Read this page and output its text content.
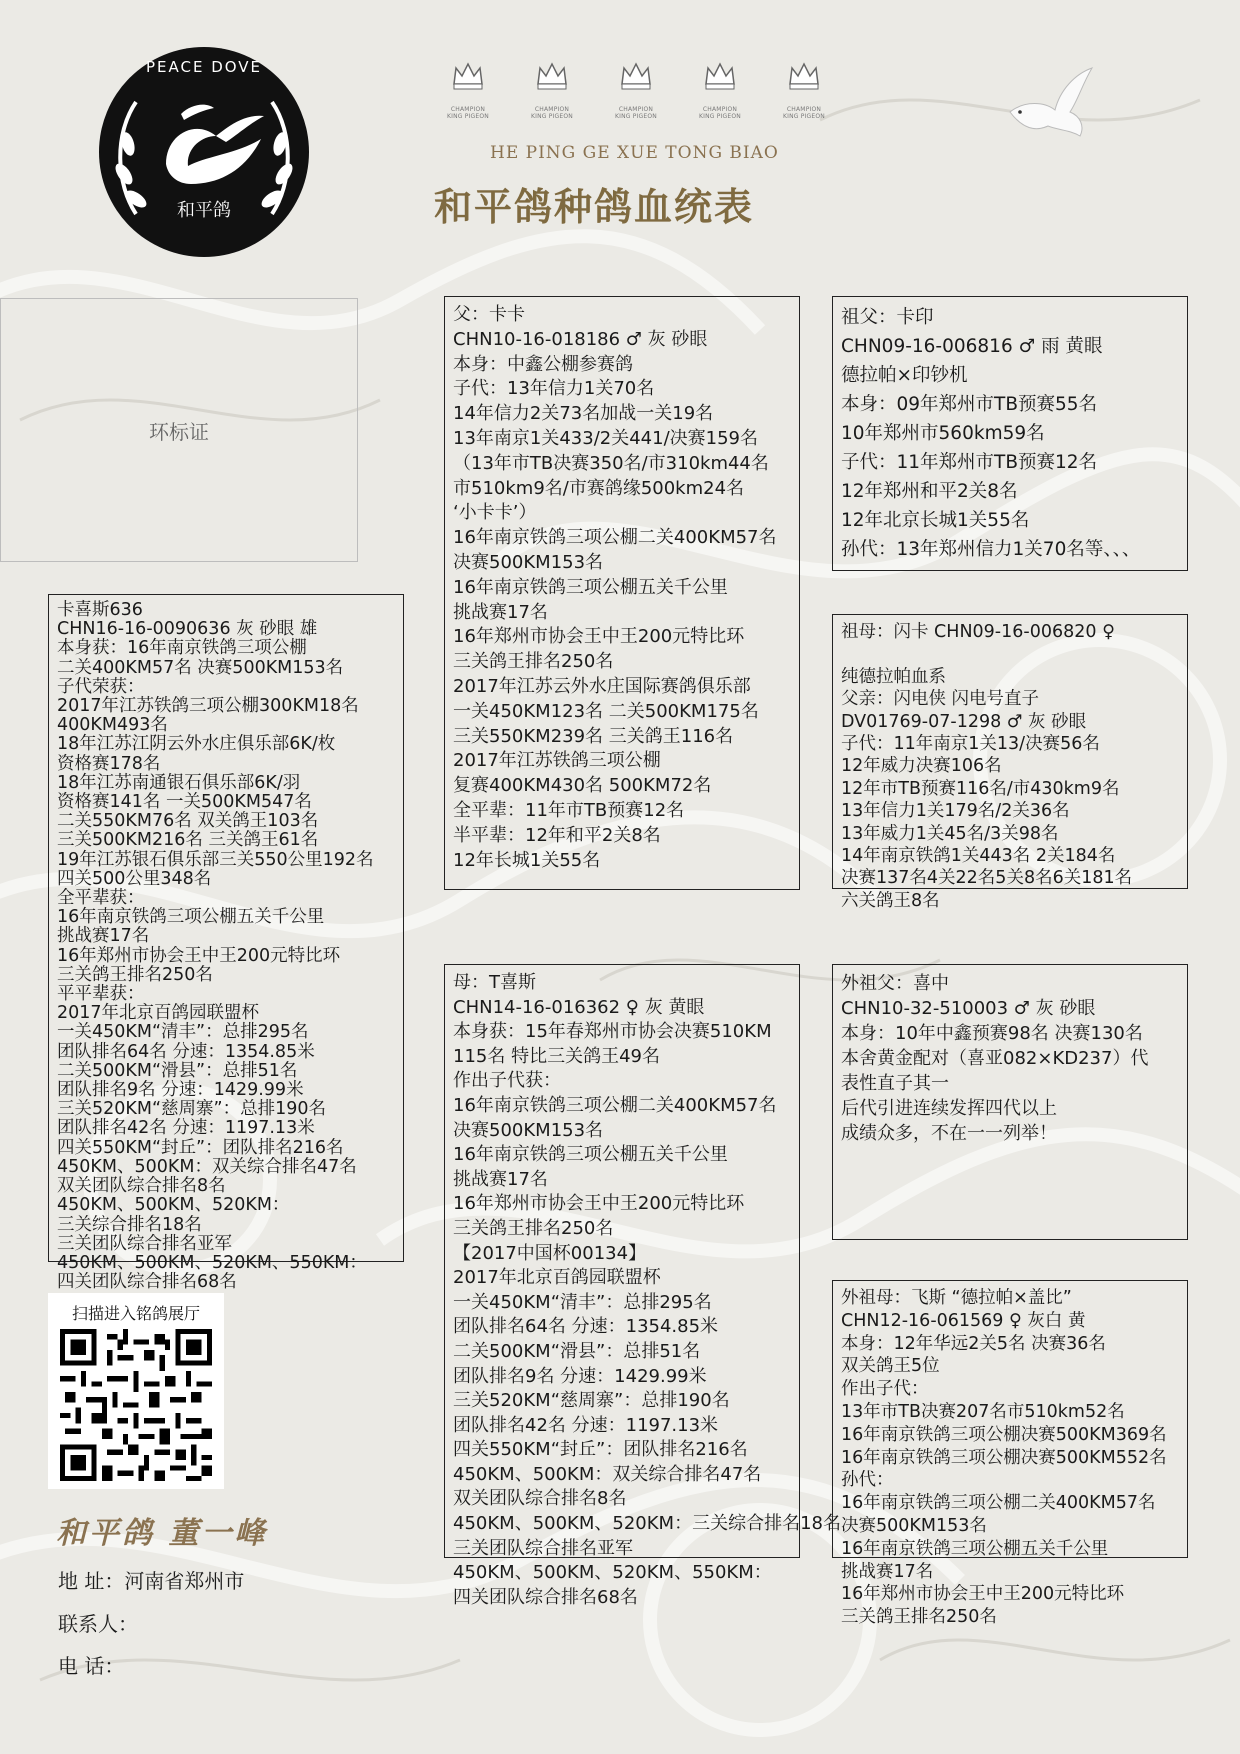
PEACE DOVE
和平鸽
CHAMPION
KING PIGEON
CHAMPION
KING PIGEON
CHAMPION
KING PIGEON
CHAMPION
KING PIGEON
CHAMPION
KING PIGEON
HE PING GE XUE TONG BIAO
和平鸽种鸽血统表
环标证
卡喜斯636
CHN16-16-0090636 灰 砂眼 雄
本身获：16年南京铁鸽三项公棚
二关400KM57名 决赛500KM153名
子代荣获：
2017年江苏铁鸽三项公棚300KM18名
400KM493名
18年江苏江阴云外水庄俱乐部6K/枚
资格赛178名
18年江苏南通银石俱乐部6K/羽
资格赛141名 一关500KM547名
二关550KM76名 双关鸽王103名
三关500KM216名 三关鸽王61名
19年江苏银石俱乐部三关550公里192名
四关500公里348名
全平辈获：
16年南京铁鸽三项公棚五关千公里
挑战赛17名
16年郑州市协会王中王200元特比环
三关鸽王排名250名
平平辈获：
2017年北京百鸽园联盟杯
一关450KM“清丰”：总排295名
团队排名64名 分速：1354.85米
二关500KM“滑县”：总排51名
团队排名9名 分速：1429.99米
三关520KM“慈周寨”：总排190名
团队排名42名 分速：1197.13米
四关550KM“封丘”：团队排名216名
450KM、500KM：双关综合排名47名
双关团队综合排名8名
450KM、500KM、520KM：
三关综合排名18名
三关团队综合排名亚军
450KM、500KM、520KM、550KM：
四关团队综合排名68名
父：卡卡
CHN10-16-018186 ♂ 灰 砂眼
本身：中鑫公棚参赛鸽
子代：13年信力1关70名
14年信力2关73名加战一关19名
13年南京1关433/2关441/决赛159名
（13年市TB决赛350名/市310km44名
市510km9名/市赛鸽缘500km24名
‘小卡卡’）
16年南京铁鸽三项公棚二关400KM57名
决赛500KM153名
16年南京铁鸽三项公棚五关千公里
挑战赛17名
16年郑州市协会王中王200元特比环
三关鸽王排名250名
2017年江苏云外水庄国际赛鸽俱乐部
一关450KM123名 二关500KM175名
三关550KM239名 三关鸽王116名
2017年江苏铁鸽三项公棚
复赛400KM430名 500KM72名
全平辈：11年市TB预赛12名
半平辈：12年和平2关8名
12年长城1关55名
母：T喜斯
CHN14-16-016362 ♀ 灰 黄眼
本身获：15年春郑州市协会决赛510KM
115名 特比三关鸽王49名
作出子代获：
16年南京铁鸽三项公棚二关400KM57名
决赛500KM153名
16年南京铁鸽三项公棚五关千公里
挑战赛17名
16年郑州市协会王中王200元特比环
三关鸽王排名250名
【2017中国杯00134】
2017年北京百鸽园联盟杯
一关450KM“清丰”：总排295名
团队排名64名 分速：1354.85米
二关500KM“滑县”：总排51名
团队排名9名 分速：1429.99米
三关520KM“慈周寨”：总排190名
团队排名42名 分速：1197.13米
四关550KM“封丘”：团队排名216名
450KM、500KM：双关综合排名47名
双关团队综合排名8名
450KM、500KM、520KM：三关综合排名18名
三关团队综合排名亚军
450KM、500KM、520KM、550KM：
四关团队综合排名68名
祖父：卡印
CHN09-16-006816 ♂ 雨 黄眼
德拉帕×印钞机
本身：09年郑州市TB预赛55名
10年郑州市560km59名
子代：11年郑州市TB预赛12名
12年郑州和平2关8名
12年北京长城1关55名
孙代：13年郑州信力1关70名等、、、
祖母：闪卡 CHN09-16-006820 ♀

纯德拉帕血系
父亲：闪电侠 闪电号直子
DV01769-07-1298 ♂ 灰 砂眼
子代：11年南京1关13/决赛56名
12年威力决赛106名
12年市TB预赛116名/市430km9名
13年信力1关179名/2关36名
13年威力1关45名/3关98名
14年南京铁鸽1关443名 2关184名
决赛137名4关22名5关8名6关181名
六关鸽王8名
外祖父：喜中
CHN10-32-510003 ♂ 灰 砂眼
本身：10年中鑫预赛98名 决赛130名
本舍黄金配对（喜亚082×KD237）代
表性直子其一
后代引进连续发挥四代以上
成绩众多，不在一一列举！
外祖母：飞斯 “德拉帕×盖比”
CHN12-16-061569 ♀ 灰白 黄
本身：12年华远2关5名 决赛36名
双关鸽王5位
作出子代：
13年市TB决赛207名市510km52名
16年南京铁鸽三项公棚决赛500KM369名
16年南京铁鸽三项公棚决赛500KM552名
孙代：
16年南京铁鸽三项公棚二关400KM57名
决赛500KM153名
16年南京铁鸽三项公棚五关千公里
挑战赛17名
16年郑州市协会王中王200元特比环
三关鸽王排名250名
扫描进入铭鸽展厅
和平鸽 董一峰
地 址：河南省郑州市
联系人：
电 话：
